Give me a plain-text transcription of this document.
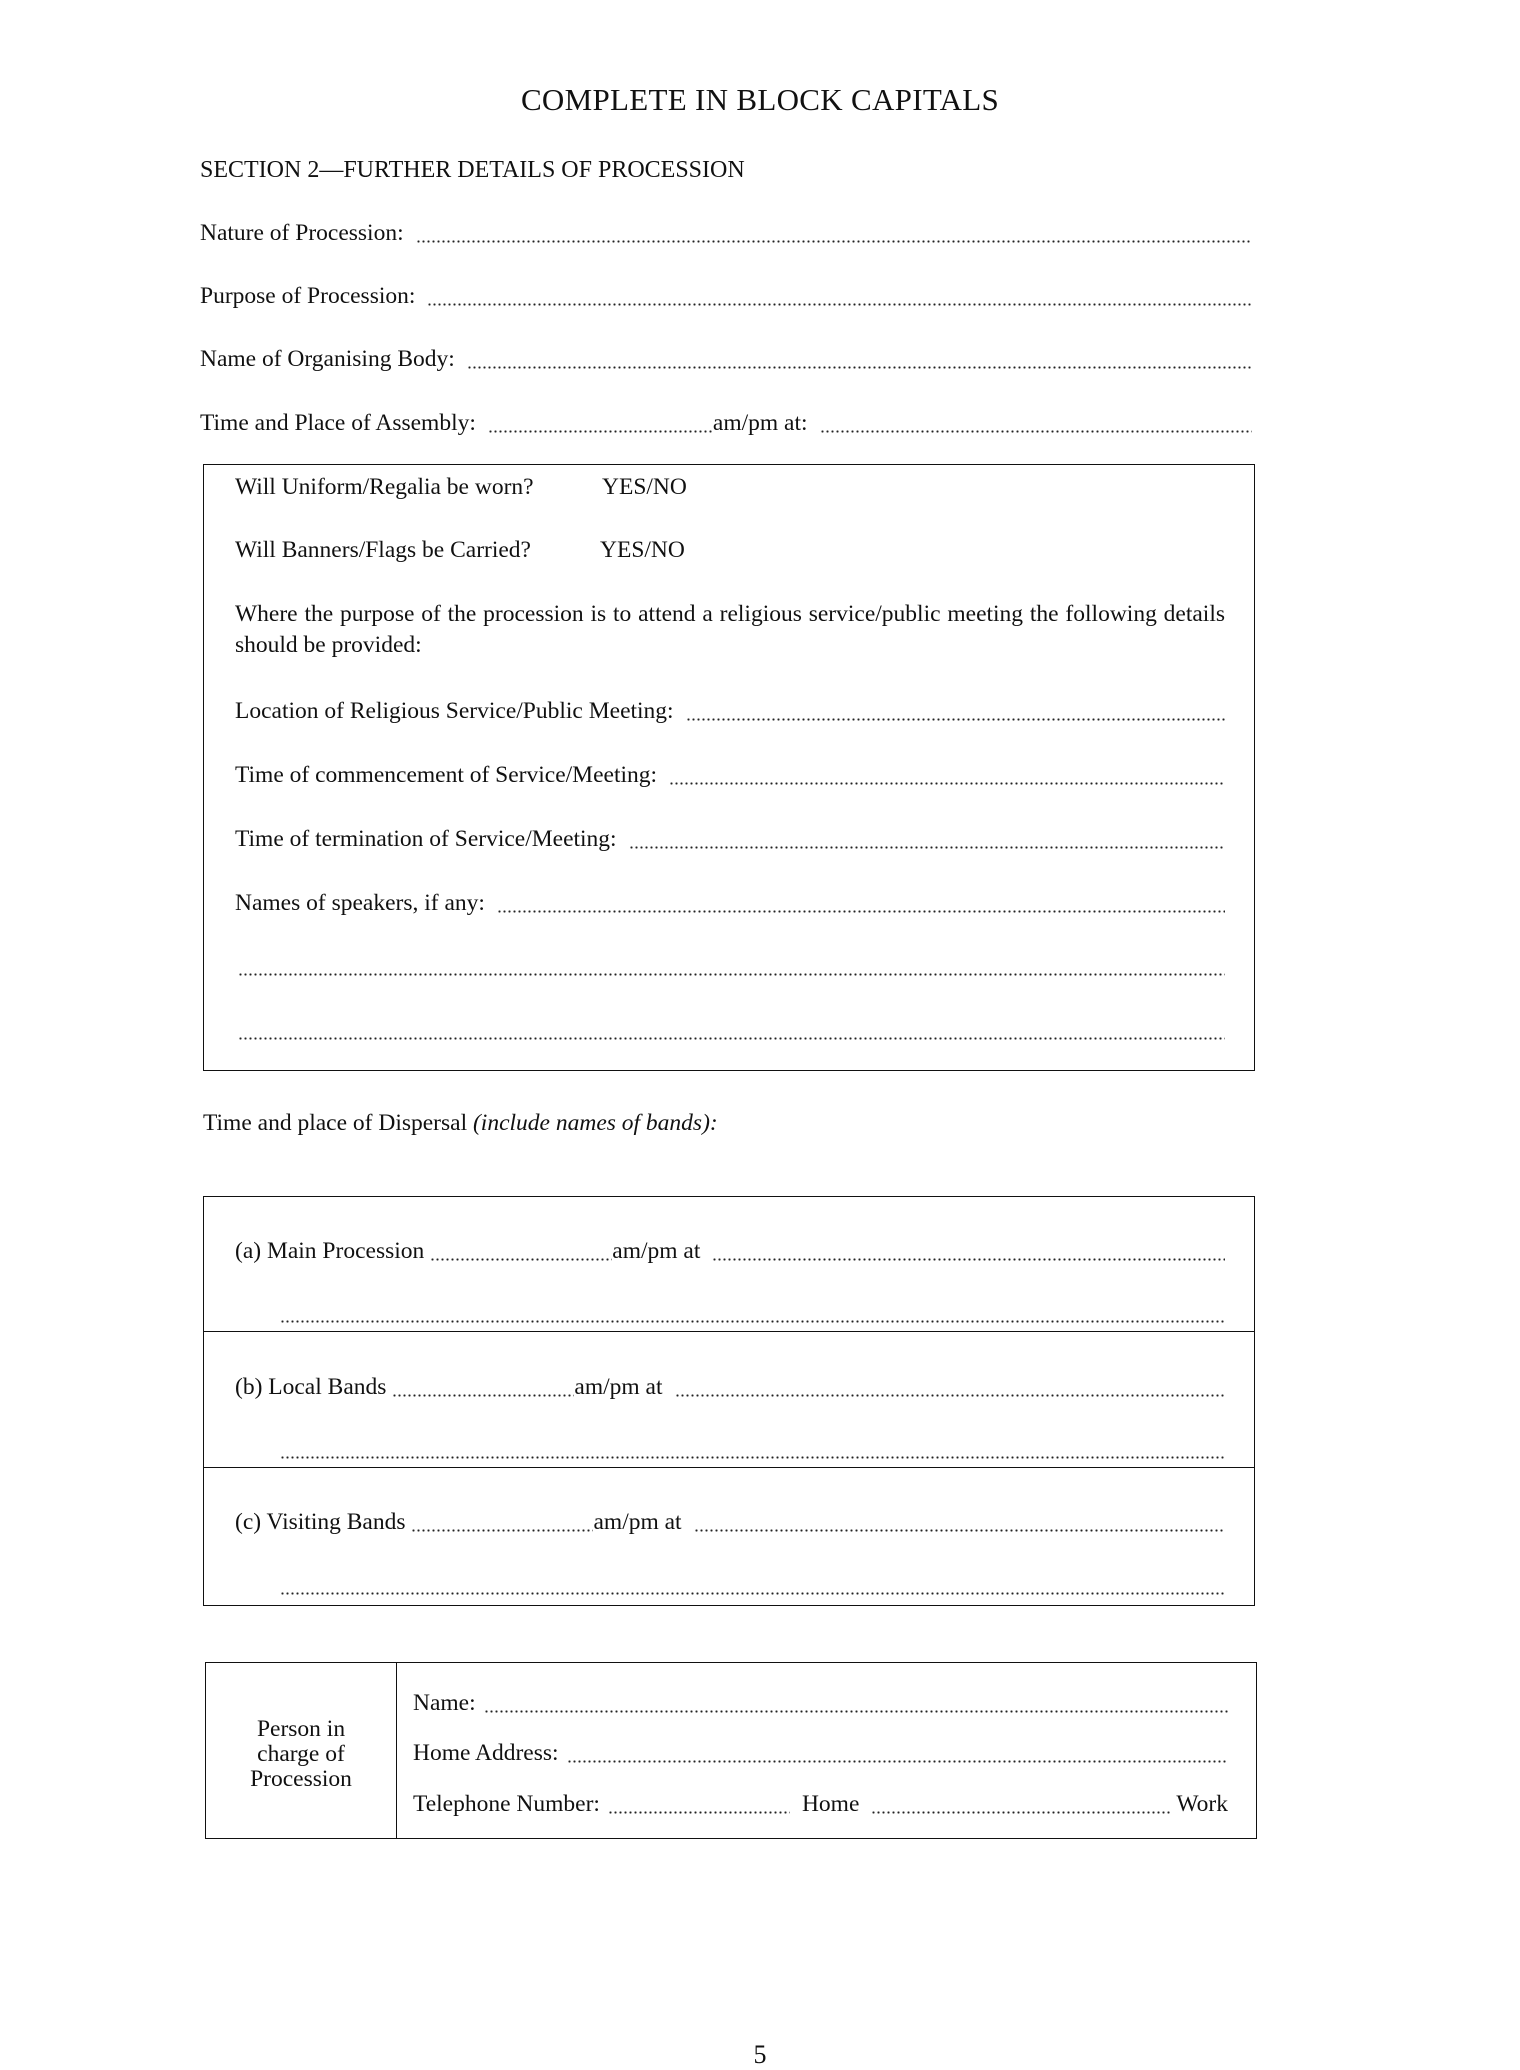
COMPLETE IN BLOCK CAPITALS
SECTION 2—FURTHER DETAILS OF PROCESSION
Nature of Procession:
Purpose of Procession:
Name of Organising Body:
Time and Place of Assembly:	am/pm at:
Will Uniform/Regalia be worn?	YES/NO
Will Banners/Flags be Carried?	YES/NO
Where the purpose of the procession is to attend a religious service/public meeting the following details should be provided:
Location of Religious Service/Public Meeting:
Time of commencement of Service/Meeting:
Time of termination of Service/Meeting:
Names of speakers, if any:
Time and place of Dispersal (include names of bands):
(a) Main Procession	am/pm at
(b) Local Bands	am/pm at
(c) Visiting Bands	am/pm at
Person in
charge of
Procession
Name:
Home Address:
Telephone Number:	Home	Work
5
